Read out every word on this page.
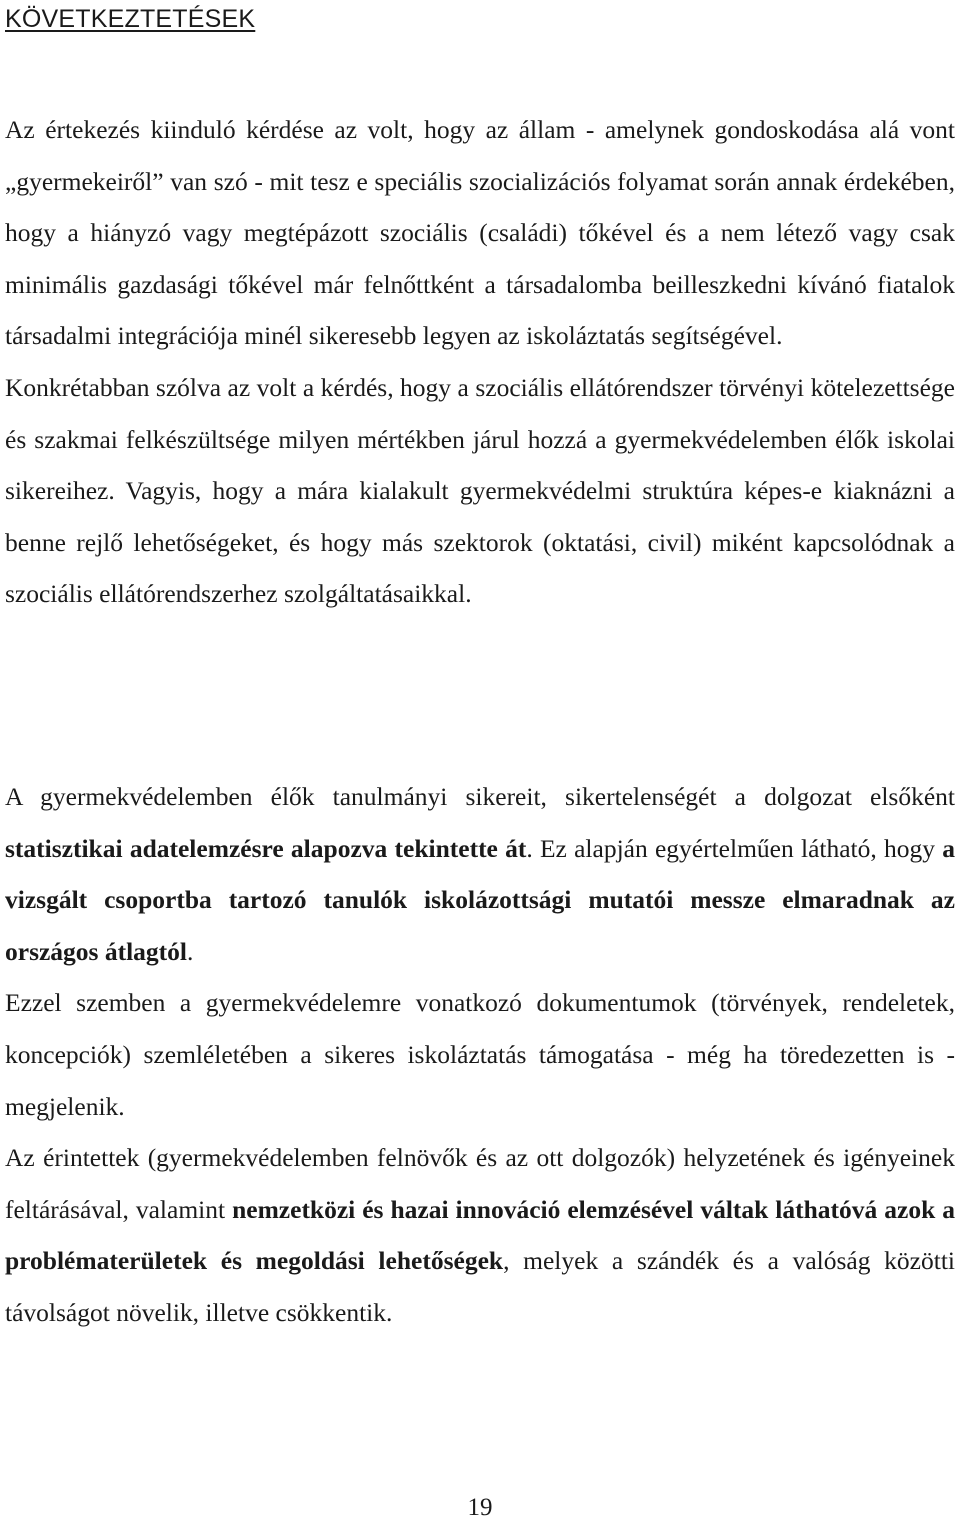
KÖVETKEZTETÉSEK

Az értekezés kiinduló kérdése az volt, hogy az állam - amelynek gondoskodása alá vont „gyermekeiről” van szó - mit tesz e speciális szocializációs folyamat során annak érdekében, hogy a hiányzó vagy megtépázott szociális (családi) tőkével és a nem létező vagy csak minimális gazdasági tőkével már felnőttként a társadalomba beilleszkedni kívánó fiatalok társadalmi integrációja minél sikeresebb legyen az iskoláztatás segítségével.

Konkrétabban szólva az volt a kérdés, hogy a szociális ellátórendszer törvényi kötelezettsége és szakmai felkészültsége milyen mértékben járul hozzá a gyermekvédelemben élők iskolai sikereihez. Vagyis, hogy a mára kialakult gyermekvédelmi struktúra képes-e kiaknázni a benne rejlő lehetőségeket, és hogy más szektorok (oktatási, civil) miként kapcsolódnak a szociális ellátórendszerhez szolgáltatásaikkal.

A gyermekvédelemben élők tanulmányi sikereit, sikertelenségét a dolgozat elsőként statisztikai adatelemzésre alapozva tekintette át. Ez alapján egyértelműen látható, hogy a vizsgált csoportba tartozó tanulók iskolázottsági mutatói messze elmaradnak az országos átlagtól.

Ezzel szemben a gyermekvédelemre vonatkozó dokumentumok (törvények, rendeletek, koncepciók) szemléletében a sikeres iskoláztatás támogatása - még ha töredezetten is - megjelenik.

Az érintettek (gyermekvédelemben felnövők és az ott dolgozók) helyzetének és igényeinek feltárásával, valamint nemzetközi és hazai innováció elemzésével váltak láthatóvá azok a problématerületek és megoldási lehetőségek, melyek a szándék és a valóság közötti távolságot növelik, illetve csökkentik.

19
